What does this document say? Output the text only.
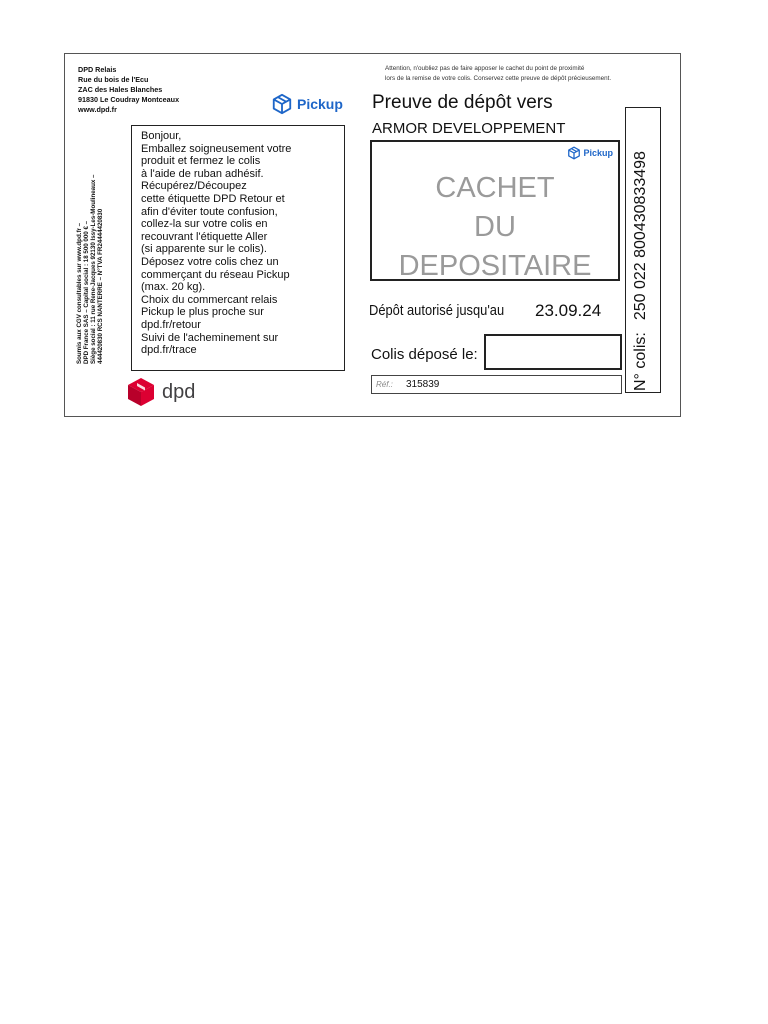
DPD Relais
Rue du bois de l'Ecu
ZAC des Hales Blanches
91830 Le Coudray Montceaux
www.dpd.fr
Soumis aux CGV consultables sur www.dpd.fr – DPD France SAS – Capital social : 18 500 000 € – Siège social : 11 rue Rene-Jacques 92130 Issy-Les-Moulineaux – 444420830 RCS NANTERRE – N°TVA FR24444420830
Pickup
Attention, n'oubliez pas de faire apposer le cachet du point de proximité
lors de la remise de votre colis. Conservez cette preuve de dépôt précieusement.
Preuve de dépôt vers
ARMOR DEVELOPPEMENT
Bonjour,
Emballez soigneusement votre
produit et fermez le colis
à l'aide de ruban adhésif.
Récupérez/Découpez
cette étiquette DPD Retour et
afin d'éviter toute confusion,
collez-la sur votre colis en
recouvrant l'étiquette Aller
(si apparente sur le colis).
Déposez votre colis chez un
commerçant du réseau Pickup
(max. 20 kg).
Choix du commercant relais
Pickup le plus proche sur
dpd.fr/retour
Suivi de l'acheminement sur
dpd.fr/trace
Pickup
CACHET
DU
DEPOSITAIRE
Dépôt autorisé jusqu'au 23.09.24
Colis déposé le:
Réf.: 315839	N° colis:
250 022 800430833498
dpd
